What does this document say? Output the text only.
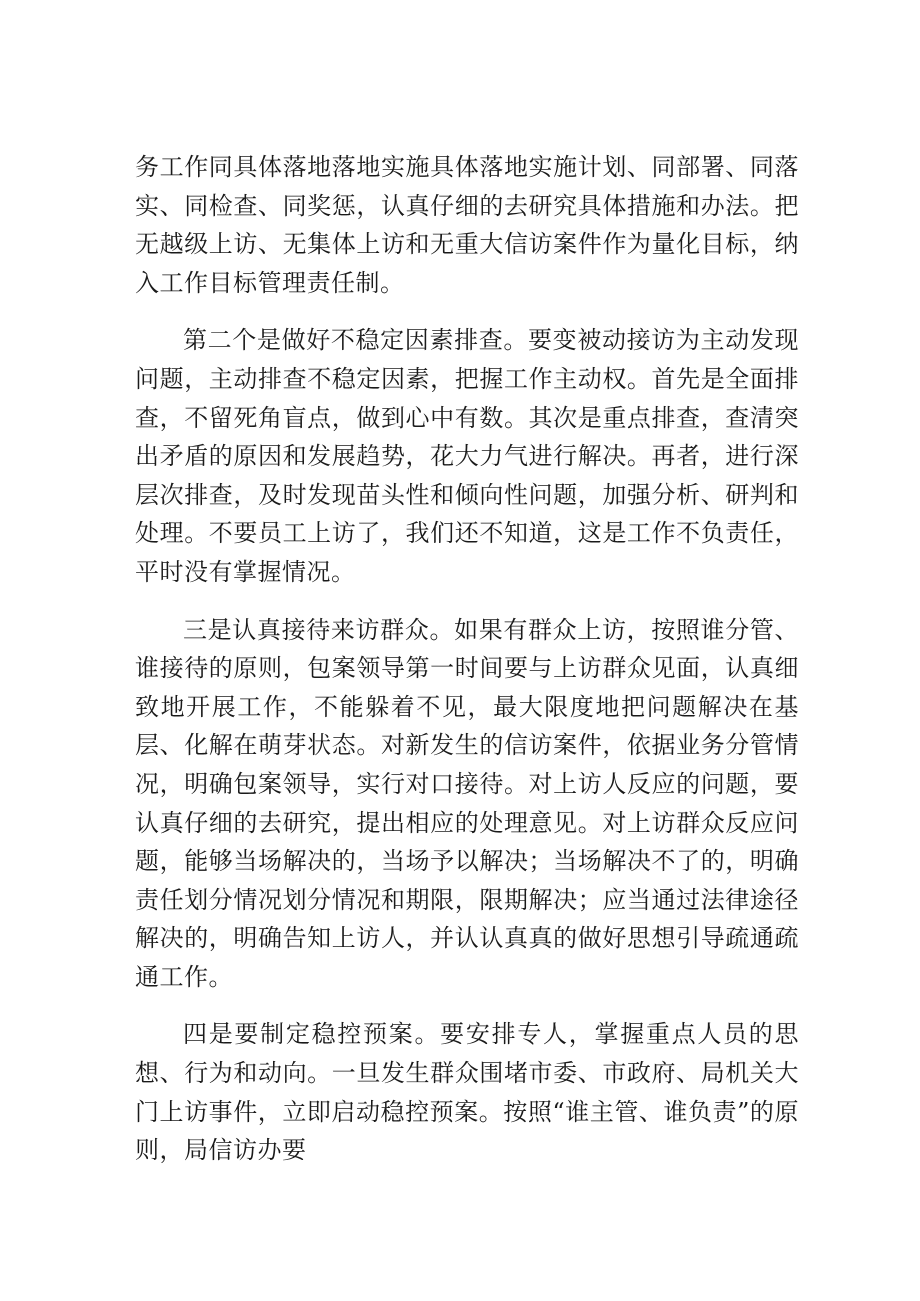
务工作同具体落地落地实施具体落地实施计划、同部署、同落实、同检查、同奖惩，认真仔细的去研究具体措施和办法。把无越级上访、无集体上访和无重大信访案件作为量化目标，纳入工作目标管理责任制。

第二个是做好不稳定因素排查。要变被动接访为主动发现问题，主动排查不稳定因素，把握工作主动权。首先是全面排查，不留死角盲点，做到心中有数。其次是重点排查，查清突出矛盾的原因和发展趋势，花大力气进行解决。再者，进行深层次排查，及时发现苗头性和倾向性问题，加强分析、研判和处理。不要员工上访了，我们还不知道，这是工作不负责任，平时没有掌握情况。

三是认真接待来访群众。如果有群众上访，按照谁分管、谁接待的原则，包案领导第一时间要与上访群众见面，认真细致地开展工作，不能躲着不见，最大限度地把问题解决在基层、化解在萌芽状态。对新发生的信访案件，依据业务分管情况，明确包案领导，实行对口接待。对上访人反应的问题，要认真仔细的去研究，提出相应的处理意见。对上访群众反应问题，能够当场解决的，当场予以解决；当场解决不了的，明确责任划分情况划分情况和期限，限期解决；应当通过法律途径解决的，明确告知上访人，并认认真真的做好思想引导疏通疏通工作。

四是要制定稳控预案。要安排专人，掌握重点人员的思想、行为和动向。一旦发生群众围堵市委、市政府、局机关大门上访事件，立即启动稳控预案。按照“谁主管、谁负责”的原则，局信访办要
